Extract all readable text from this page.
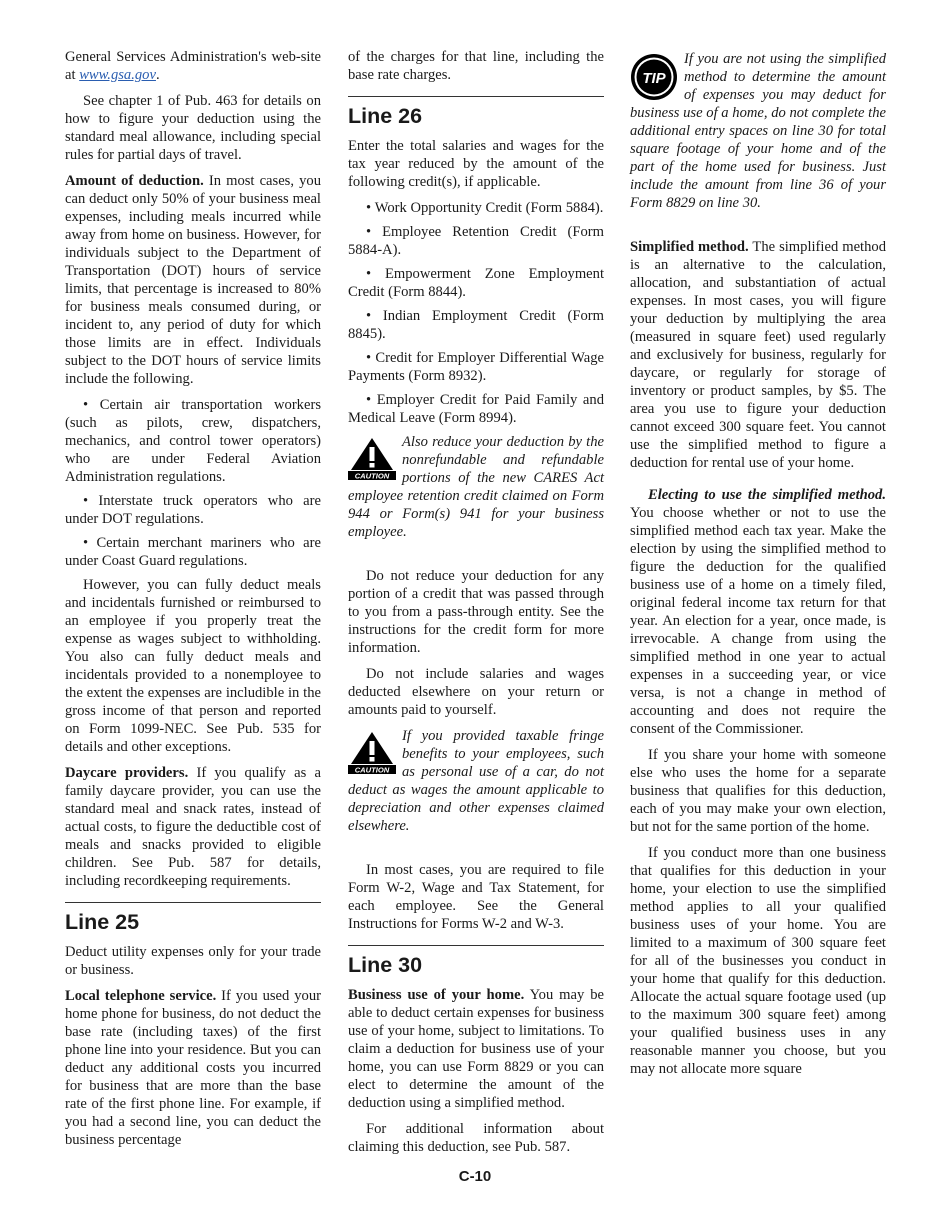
General Services Administration's web-site at www.gsa.gov.

See chapter 1 of Pub. 463 for details on how to figure your deduction using the standard meal allowance, including special rules for partial days of travel.

Amount of deduction. In most cases, you can deduct only 50% of your business meal expenses, including meals incurred while away from home on business. However, for individuals subject to the Department of Transportation (DOT) hours of service limits, that percentage is increased to 80% for business meals consumed during, or incident to, any period of duty for which those limits are in effect. Individuals subject to the DOT hours of service limits include the following.

• Certain air transportation workers (such as pilots, crew, dispatchers, mechanics, and control tower operators) who are under Federal Aviation Administration regulations.

• Interstate truck operators who are under DOT regulations.

• Certain merchant mariners who are under Coast Guard regulations.

However, you can fully deduct meals and incidentals furnished or reimbursed to an employee if you properly treat the expense as wages subject to withholding. You also can fully deduct meals and incidentals provided to a nonemployee to the extent the expenses are includible in the gross income of that person and reported on Form 1099-NEC. See Pub. 535 for details and other exceptions.

Daycare providers. If you qualify as a family daycare provider, you can use the standard meal and snack rates, instead of actual costs, to figure the deductible cost of meals and snacks provided to eligible children. See Pub. 587 for details, including recordkeeping requirements.

Line 25

Deduct utility expenses only for your trade or business.

Local telephone service. If you used your home phone for business, do not deduct the base rate (including taxes) of the first phone line into your residence. But you can deduct any additional costs you incurred for business that are more than the base rate of the first phone line. For example, if you had a second line, you can deduct the business percentage

of the charges for that line, including the base rate charges.

Line 26

Enter the total salaries and wages for the tax year reduced by the amount of the following credit(s), if applicable.

• Work Opportunity Credit (Form 5884).

• Employee Retention Credit (Form 5884-A).

• Empowerment Zone Employment Credit (Form 8844).

• Indian Employment Credit (Form 8845).

• Credit for Employer Differential Wage Payments (Form 8932).

• Employer Credit for Paid Family and Medical Leave (Form 8994).

CAUTION
Also reduce your deduction by the nonrefundable and refundable portions of the new CARES Act employee retention credit claimed on Form 944 or Form(s) 941 for your business employee.

Do not reduce your deduction for any portion of a credit that was passed through to you from a pass-through entity. See the instructions for the credit form for more information.

Do not include salaries and wages deducted elsewhere on your return or amounts paid to yourself.

CAUTION
If you provided taxable fringe benefits to your employees, such as personal use of a car, do not deduct as wages the amount applicable to depreciation and other expenses claimed elsewhere.

In most cases, you are required to file Form W-2, Wage and Tax Statement, for each employee. See the General Instructions for Forms W-2 and W-3.

Line 30

Business use of your home. You may be able to deduct certain expenses for business use of your home, subject to limitations. To claim a deduction for business use of your home, you can use Form 8829 or you can elect to determine the amount of the deduction using a simplified method.

For additional information about claiming this deduction, see Pub. 587.

TIP
If you are not using the simplified method to determine the amount of expenses you may deduct for business use of a home, do not complete the additional entry spaces on line 30 for total square footage of your home and of the part of the home used for business. Just include the amount from line 36 of your Form 8829 on line 30.

Simplified method. The simplified method is an alternative to the calculation, allocation, and substantiation of actual expenses. In most cases, you will figure your deduction by multiplying the area (measured in square feet) used regularly and exclusively for business, regularly for daycare, or regularly for storage of inventory or product samples, by $5. The area you use to figure your deduction cannot exceed 300 square feet. You cannot use the simplified method to figure a deduction for rental use of your home.

Electing to use the simplified method. You choose whether or not to use the simplified method each tax year. Make the election by using the simplified method to figure the deduction for the qualified business use of a home on a timely filed, original federal income tax return for that year. An election for a year, once made, is irrevocable. A change from using the simplified method in one year to actual expenses in a succeeding year, or vice versa, is not a change in method of accounting and does not require the consent of the Commissioner.

If you share your home with someone else who uses the home for a separate business that qualifies for this deduction, each of you may make your own election, but not for the same portion of the home.

If you conduct more than one business that qualifies for this deduction in your home, your election to use the simplified method applies to all your qualified business uses of your home. You are limited to a maximum of 300 square feet for all of the businesses you conduct in your home that qualify for this deduction. Allocate the actual square footage used (up to the maximum 300 square feet) among your qualified business uses in any reasonable manner you choose, but you may not allocate more square

C-10
